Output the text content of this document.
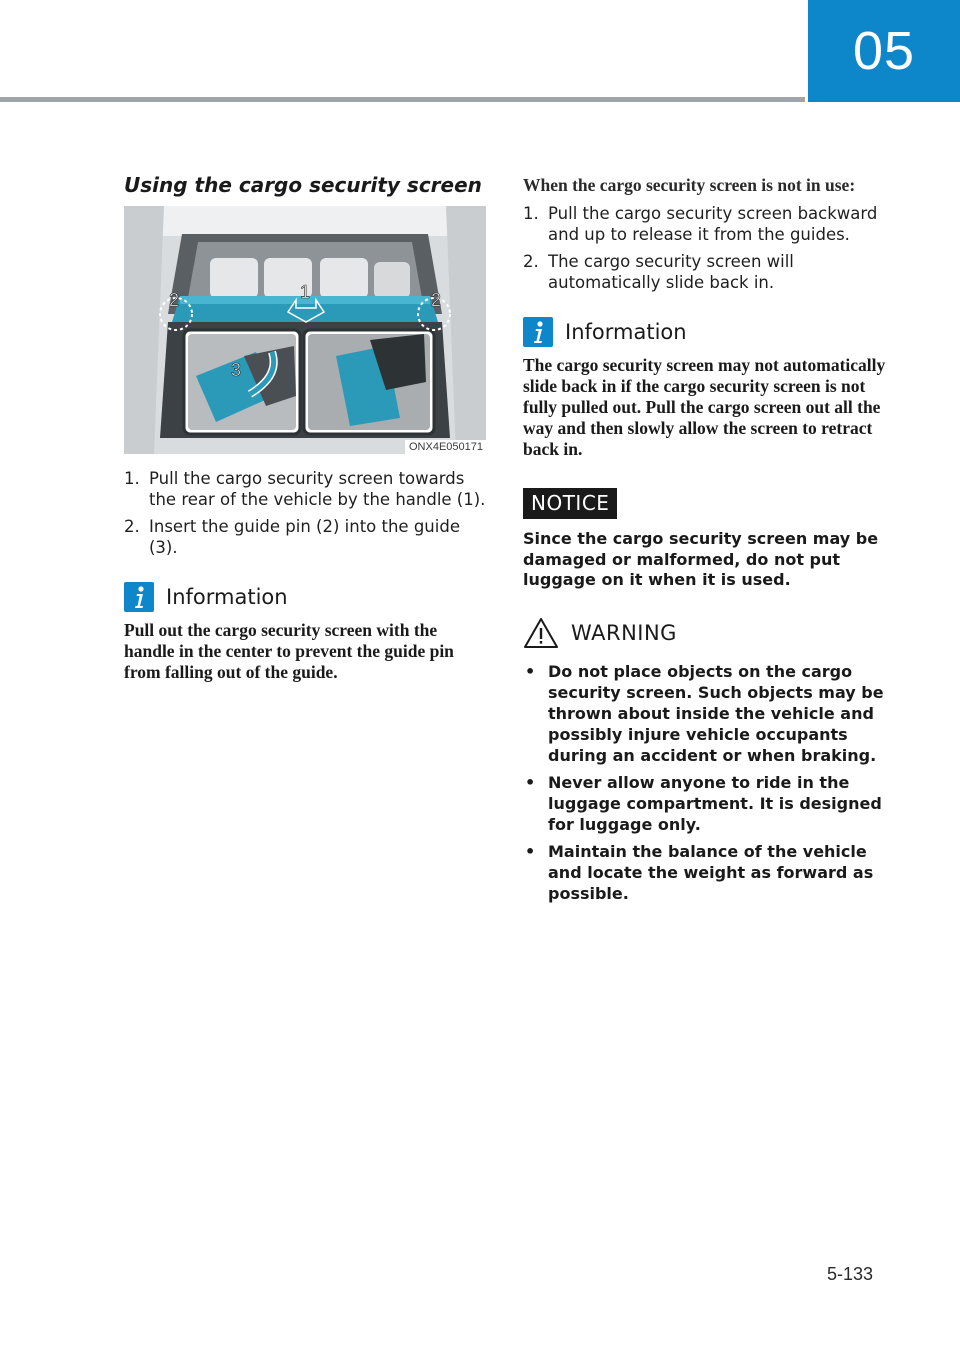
05
Using the cargo security screen
1
2	2
3
ONX4E050171
1. Pull the cargo security screen towards the rear of the vehicle by the handle (1).
2. Insert the guide pin (2) into the guide (3).
Information

Pull out the cargo security screen with the handle in the center to prevent the guide pin from falling out of the guide.

When the cargo security screen is not in use:
1. Pull the cargo security screen backward and up to release it from the guides.
2. The cargo security screen will automatically slide back in.
Information

The cargo security screen may not automatically slide back in if the cargo security screen is not fully pulled out. Pull the cargo screen out all the way and then slowly allow the screen to retract back in.

NOTICE

Since the cargo security screen may be damaged or malformed, do not put luggage on it when it is used.

WARNING
• Do not place objects on the cargo security screen. Such objects may be thrown about inside the vehicle and possibly injure vehicle occupants during an accident or when braking.
• Never allow anyone to ride in the luggage compartment. It is designed for luggage only.
• Maintain the balance of the vehicle and locate the weight as forward as possible.
5-133
